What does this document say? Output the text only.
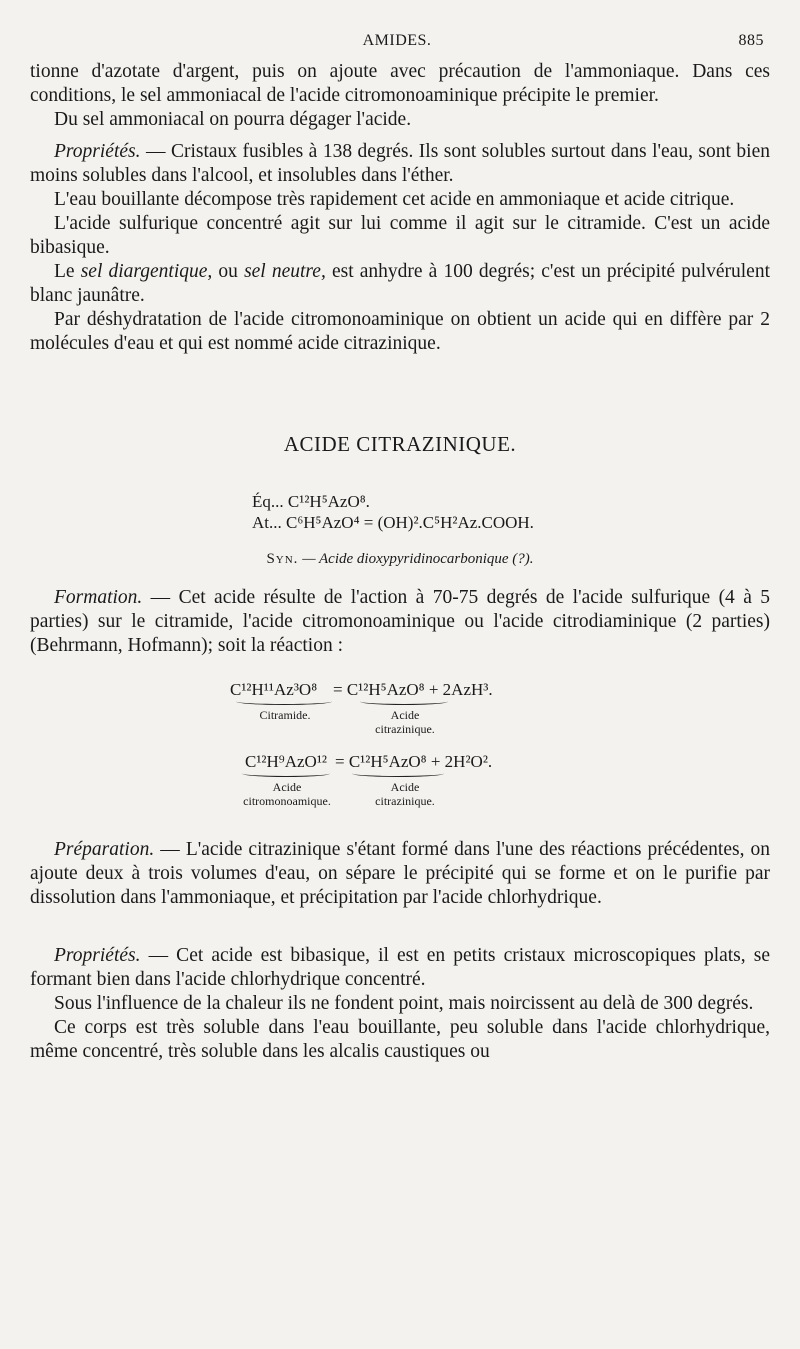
AMIDES.	885

tionne d'azotate d'argent, puis on ajoute avec précaution de l'ammoniaque. Dans ces conditions, le sel ammoniacal de l'acide citromonoaminique précipite le premier.

Du sel ammoniacal on pourra dégager l'acide.

Propriétés. — Cristaux fusibles à 138 degrés. Ils sont solubles surtout dans l'eau, sont bien moins solubles dans l'alcool, et insolubles dans l'éther.

L'eau bouillante décompose très rapidement cet acide en ammoniaque et acide citrique.

L'acide sulfurique concentré agit sur lui comme il agit sur le citramide. C'est un acide bibasique.

Le sel diargentique, ou sel neutre, est anhydre à 100 degrés; c'est un précipité pulvérulent blanc jaunâtre.

Par déshydratation de l'acide citromonoaminique on obtient un acide qui en diffère par 2 molécules d'eau et qui est nommé acide citrazinique.

ACIDE CITRAZINIQUE.
Éq... C¹²H⁵AzO⁸.
At... C⁶H⁵AzO⁴ = (OH)².C⁵H²Az.COOH.
Syn. — Acide dioxypyridinocarbonique (?).

Formation. — Cet acide résulte de l'action à 70-75 degrés de l'acide sulfurique (4 à 5 parties) sur le citramide, l'acide citromonoaminique ou l'acide citrodiaminique (2 parties) (Behrmann, Hofmann); soit la réaction :

C¹²H¹¹Az³O⁸ = C¹²H⁵AzO⁸ + 2AzH³.
Citramide.	Acide
citrazinique.
C¹²H⁹AzO¹² = C¹²H⁵AzO⁸ + 2H²O².
Acide
citromonoamique.
Acide
citrazinique.

Préparation. — L'acide citrazinique s'étant formé dans l'une des réactions précédentes, on ajoute deux à trois volumes d'eau, on sépare le précipité qui se forme et on le purifie par dissolution dans l'ammoniaque, et précipitation par l'acide chlorhydrique.

Propriétés. — Cet acide est bibasique, il est en petits cristaux microscopiques plats, se formant bien dans l'acide chlorhydrique concentré.

Sous l'influence de la chaleur ils ne fondent point, mais noircissent au delà de 300 degrés.

Ce corps est très soluble dans l'eau bouillante, peu soluble dans l'acide chlorhydrique, même concentré, très soluble dans les alcalis caustiques ou
